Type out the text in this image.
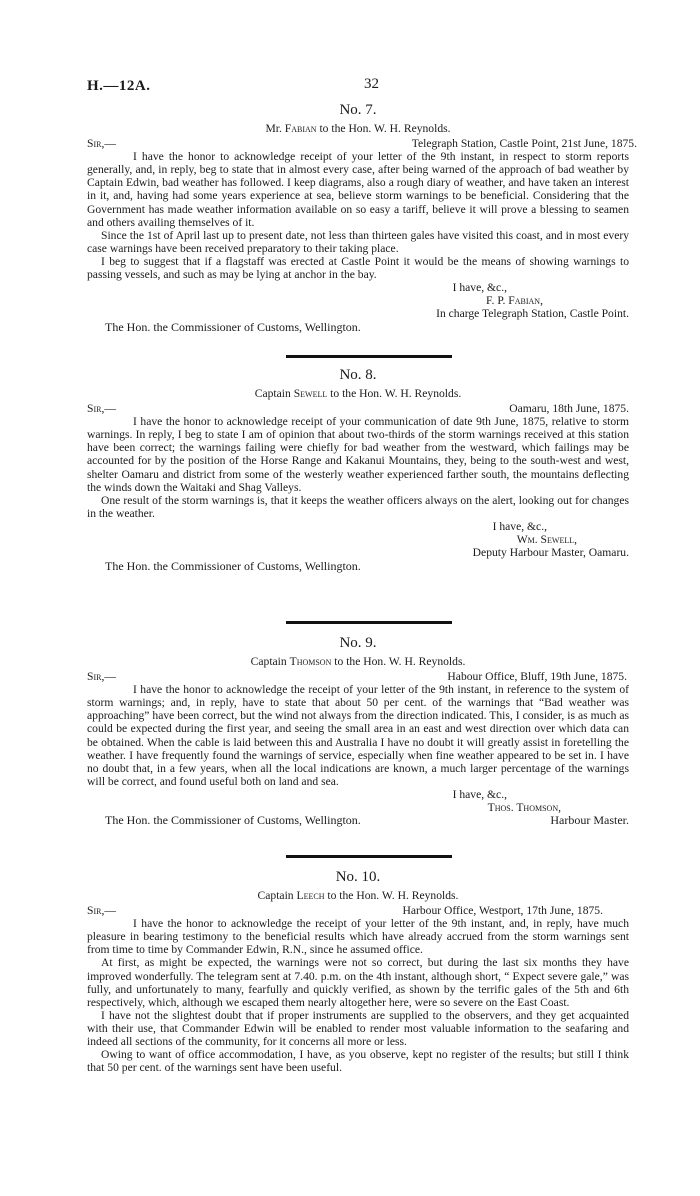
H.—12A.	32
No. 7.
Mr. Fabian to the Hon. W. H. Reynolds.
Sir,—	Telegraph Station, Castle Point, 21st June, 1875.

I have the honor to acknowledge receipt of your letter of the 9th instant, in respect to storm reports generally, and, in reply, beg to state that in almost every case, after being warned of the approach of bad weather by Captain Edwin, bad weather has followed. I keep diagrams, also a rough diary of weather, and have taken an interest in it, and, having had some years experience at sea, believe storm warnings to be beneficial. Considering that the Government has made weather information available on so easy a tariff, believe it will prove a blessing to seamen and others availing themselves of it.

Since the 1st of April last up to present date, not less than thirteen gales have visited this coast, and in most every case warnings have been received preparatory to their taking place.

I beg to suggest that if a flagstaff was erected at Castle Point it would be the means of showing warnings to passing vessels, and such as may be lying at anchor in the bay.

I have, &c.,
F. P. Fabian,
In charge Telegraph Station, Castle Point.
The Hon. the Commissioner of Customs, Wellington.
No. 8.
Captain Sewell to the Hon. W. H. Reynolds.
Sir,—	Oamaru, 18th June, 1875.

I have the honor to acknowledge receipt of your communication of date 9th June, 1875, relative to storm warnings. In reply, I beg to state I am of opinion that about two-thirds of the storm warnings received at this station have been correct; the warnings failing were chiefly for bad weather from the westward, which failings may be accounted for by the position of the Horse Range and Kakanui Mountains, they, being to the south-west and west, shelter Oamaru and district from some of the westerly weather experienced farther south, the mountains deflecting the winds down the Waitaki and Shag Valleys.

One result of the storm warnings is, that it keeps the weather officers always on the alert, looking out for changes in the weather.

I have, &c.,
Wm. Sewell,
Deputy Harbour Master, Oamaru.
The Hon. the Commissioner of Customs, Wellington.
No. 9.
Captain Thomson to the Hon. W. H. Reynolds.
Sir,—	Habour Office, Bluff, 19th June, 1875.

I have the honor to acknowledge the receipt of your letter of the 9th instant, in reference to the system of storm warnings; and, in reply, have to state that about 50 per cent. of the warnings that “Bad weather was approaching” have been correct, but the wind not always from the direction indicated. This, I consider, is as much as could be expected during the first year, and seeing the small area in an east and west direction over which data can be obtained. When the cable is laid between this and Australia I have no doubt it will greatly assist in foretelling the weather. I have frequently found the warnings of service, especially when fine weather appeared to be set in. I have no doubt that, in a few years, when all the local indications are known, a much larger percentage of the warnings will be correct, and found useful both on land and sea.

I have, &c.,
Thos. Thomson,
The Hon. the Commissioner of Customs, Wellington.	Harbour Master.
No. 10.
Captain Leech to the Hon. W. H. Reynolds.
Sir,—	Harbour Office, Westport, 17th June, 1875.

I have the honor to acknowledge the receipt of your letter of the 9th instant, and, in reply, have much pleasure in bearing testimony to the beneficial results which have already accrued from the storm warnings sent from time to time by Commander Edwin, R.N., since he assumed office.

At first, as might be expected, the warnings were not so correct, but during the last six months they have improved wonderfully. The telegram sent at 7.40. p.m. on the 4th instant, although short, “ Expect severe gale,” was fully, and unfortunately to many, fearfully and quickly verified, as shown by the terrific gales of the 5th and 6th respectively, which, although we escaped them nearly altogether here, were so severe on the East Coast.

I have not the slightest doubt that if proper instruments are supplied to the observers, and they get acquainted with their use, that Commander Edwin will be enabled to render most valuable information to the seafaring and indeed all sections of the community, for it concerns all more or less.

Owing to want of office accommodation, I have, as you observe, kept no register of the results; but still I think that 50 per cent. of the warnings sent have been useful.
